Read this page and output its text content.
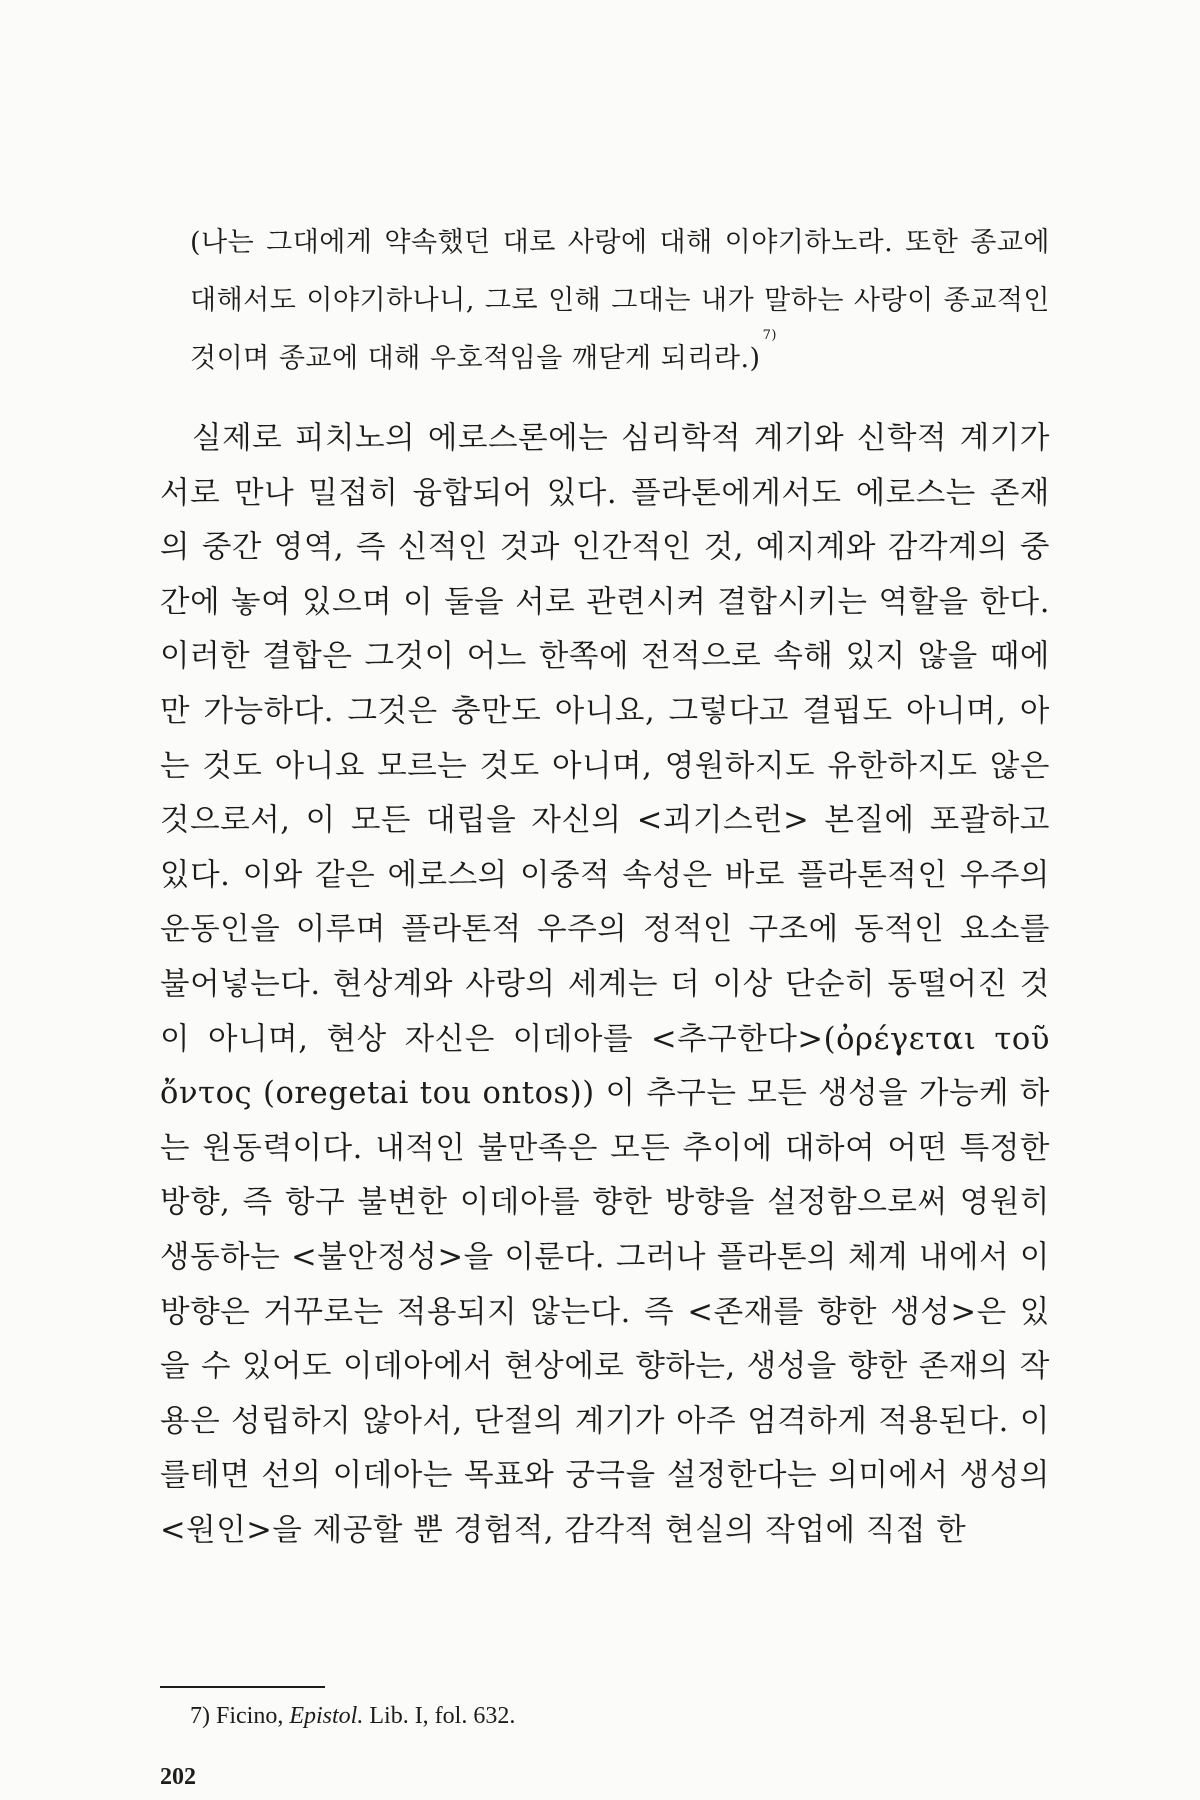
(나는 그대에게 약속했던 대로 사랑에 대해 이야기하노라. 또한 종교에 대해서도 이야기하나니, 그로 인해 그대는 내가 말하는 사랑이 종교적인 것이며 종교에 대해 우호적임을 깨닫게 되리라.)$^{7)}$
실제로 피치노의 에로스론에는 심리학적 계기와 신학적 계기가 서로 만나 밀접히 융합되어 있다. 플라톤에게서도 에로스는 존재의 중간 영역, 즉 신적인 것과 인간적인 것, 예지계와 감각계의 중간에 놓여 있으며 이 둘을 서로 관련시켜 결합시키는 역할을 한다. 이러한 결합은 그것이 어느 한쪽에 전적으로 속해 있지 않을 때에만 가능하다. 그것은 충만도 아니요, 그렇다고 결핍도 아니며, 아는 것도 아니요 모르는 것도 아니며, 영원하지도 유한하지도 않은 것으로서, 이 모든 대립을 자신의 <괴기스런> 본질에 포괄하고 있다. 이와 같은 에로스의 이중적 속성은 바로 플라톤적인 우주의 운동인을 이루며 플라톤적 우주의 정적인 구조에 동적인 요소를 불어넣는다. 현상계와 사랑의 세계는 더 이상 단순히 동떨어진 것이 아니며, 현상 자신은 이데아를 <추구한다>(ὀρέγεται τοῦ ὄντος (oregetai tou ontos)) 이 추구는 모든 생성을 가능케 하는 원동력이다. 내적인 불만족은 모든 추이에 대하여 어떤 특정한 방향, 즉 항구 불변한 이데아를 향한 방향을 설정함으로써 영원히 생동하는 <불안정성>을 이룬다. 그러나 플라톤의 체계 내에서 이 방향은 거꾸로는 적용되지 않는다. 즉 <존재를 향한 생성>은 있을 수 있어도 이데아에서 현상에로 향하는, 생성을 향한 존재의 작용은 성립하지 않아서, 단절의 계기가 아주 엄격하게 적용된다. 이를테면 선의 이데아는 목표와 궁극을 설정한다는 의미에서 생성의 <원인>을 제공할 뿐 경험적, 감각적 현실의 작업에 직접 한
7) Ficino, Epistol. Lib. I, fol. 632.
202
